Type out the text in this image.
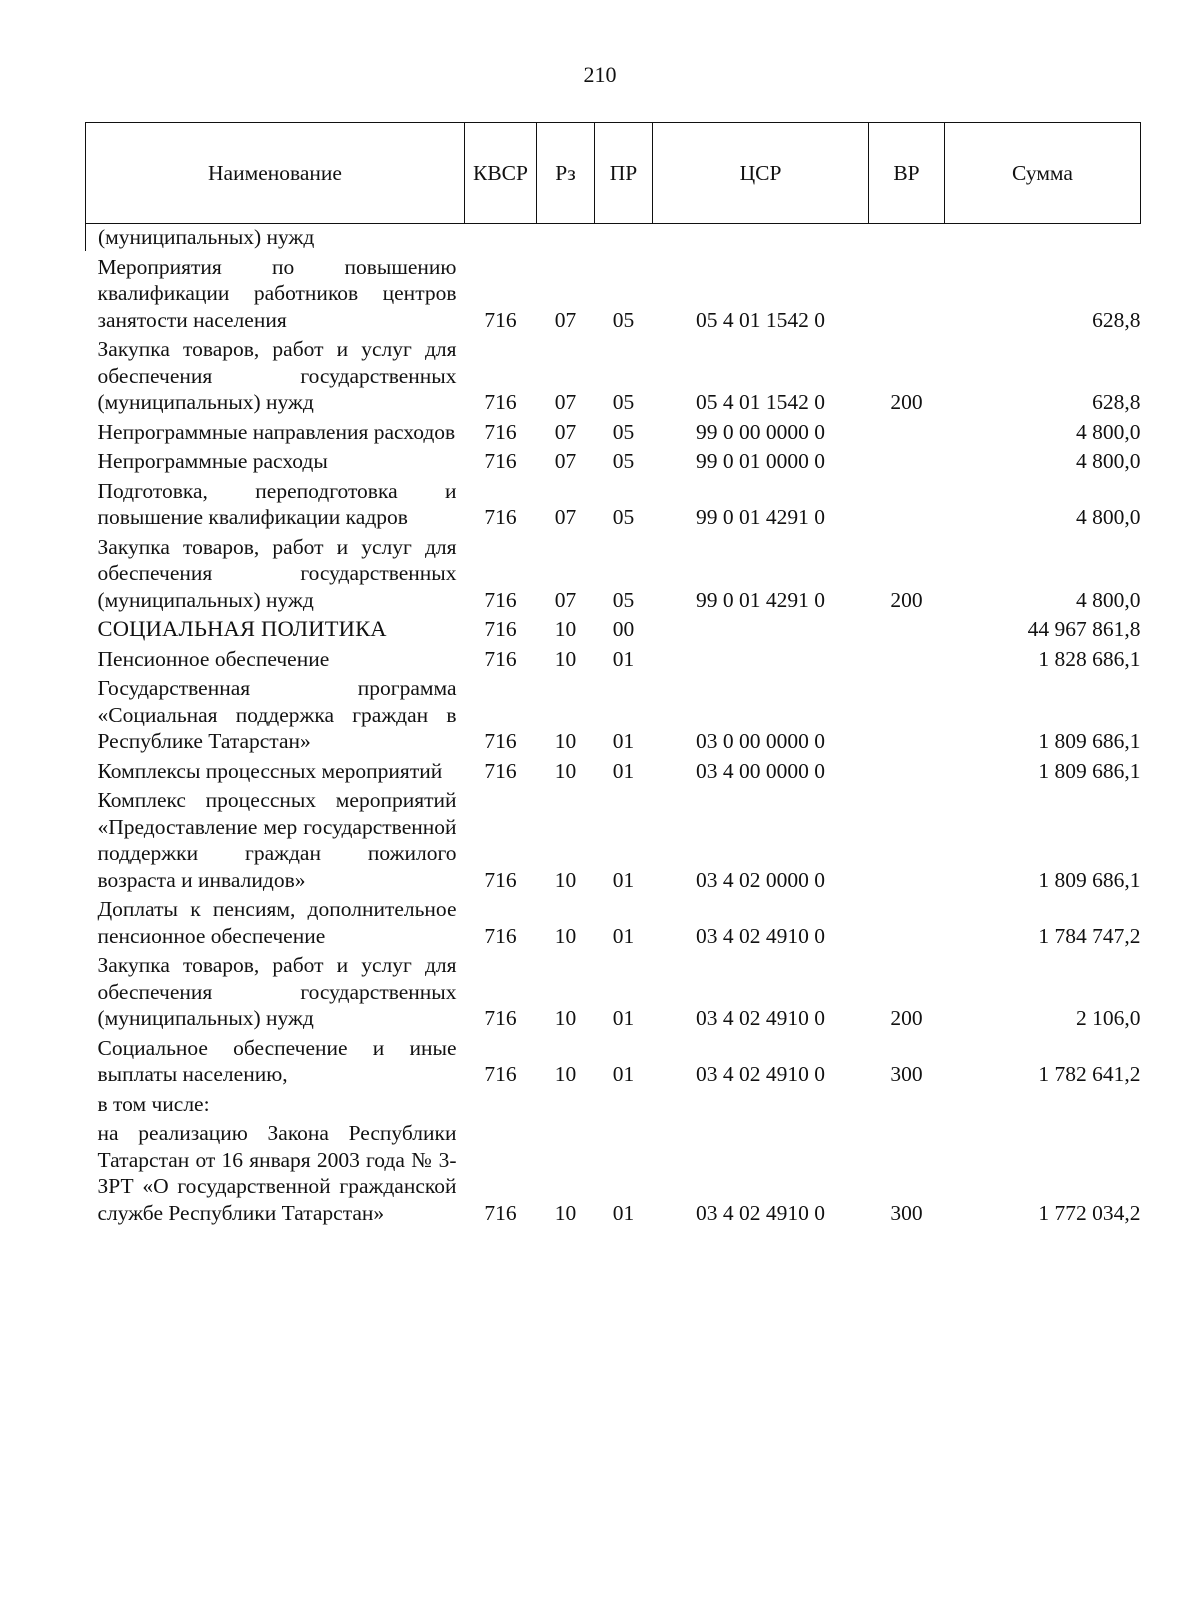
210
Наименование	КВСР	Рз	ПР	ЦСР	ВР	Сумма
(муниципальных) нужд						
Мероприятия по повышению квалификации работников центров занятости населения	716	07	05	05 4 01 1542 0		628,8
Закупка товаров, работ и услуг для обеспечения государственных (муниципальных) нужд	716	07	05	05 4 01 1542 0	200	628,8
Непрограммные направления расходов	716	07	05	99 0 00 0000 0		4 800,0
Непрограммные расходы	716	07	05	99 0 01 0000 0		4 800,0
Подготовка, переподготовка и повышение квалификации кадров	716	07	05	99 0 01 4291 0		4 800,0
Закупка товаров, работ и услуг для обеспечения государственных (муниципальных) нужд	716	07	05	99 0 01 4291 0	200	4 800,0
СОЦИАЛЬНАЯ ПОЛИТИКА	716	10	00			44 967 861,8
Пенсионное обеспечение	716	10	01			1 828 686,1
Государственная программа «Социальная поддержка граждан в Республике Татарстан»	716	10	01	03 0 00 0000 0		1 809 686,1
Комплексы процессных мероприятий	716	10	01	03 4 00 0000 0		1 809 686,1
Комплекс процессных мероприятий «Предоставление мер государственной поддержки граждан пожилого возраста и инвалидов»	716	10	01	03 4 02 0000 0		1 809 686,1
Доплаты к пенсиям, дополнительное пенсионное обеспечение	716	10	01	03 4 02 4910 0		1 784 747,2
Закупка товаров, работ и услуг для обеспечения государственных (муниципальных) нужд	716	10	01	03 4 02 4910 0	200	2 106,0
Социальное обеспечение и иные выплаты населению,	716	10	01	03 4 02 4910 0	300	1 782 641,2
в том числе:						
на реализацию Закона Республики Татарстан от 16 января 2003 года № 3-ЗРТ «О государственной гражданской службе Республики Татарстан»	716	10	01	03 4 02 4910 0	300	1 772 034,2
